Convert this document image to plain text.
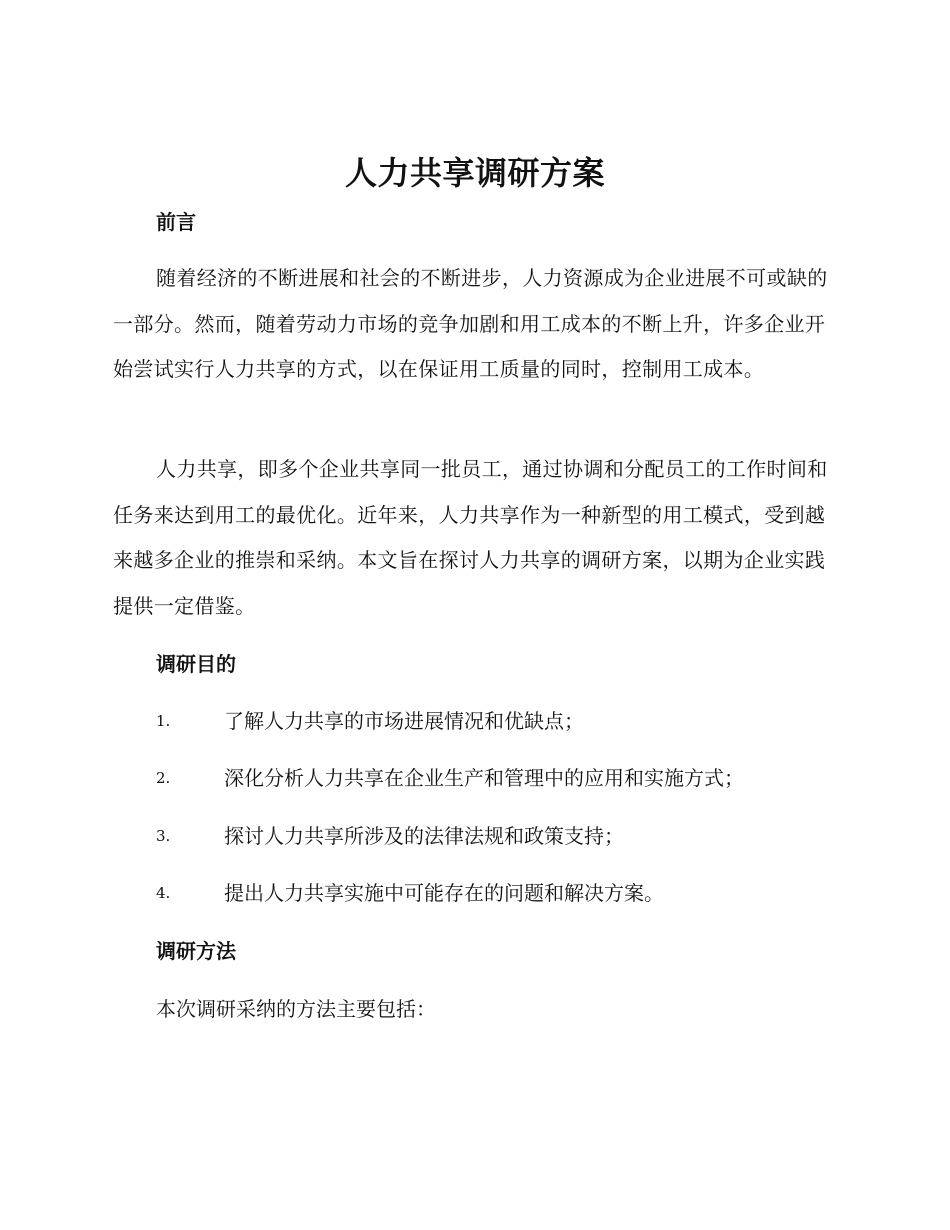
人力共享调研方案
前言
随着经济的不断进展和社会的不断进步，人力资源成为企业进展不可或缺的一部分。然而，随着劳动力市场的竞争加剧和用工成本的不断上升，许多企业开始尝试实行人力共享的方式，以在保证用工质量的同时，控制用工成本。
人力共享，即多个企业共享同一批员工，通过协调和分配员工的工作时间和任务来达到用工的最优化。近年来，人力共享作为一种新型的用工模式，受到越来越多企业的推崇和采纳。本文旨在探讨人力共享的调研方案，以期为企业实践提供一定借鉴。
调研目的
1.	了解人力共享的市场进展情况和优缺点；
2.	深化分析人力共享在企业生产和管理中的应用和实施方式；
3.	探讨人力共享所涉及的法律法规和政策支持；
4.	提出人力共享实施中可能存在的问题和解决方案。
调研方法
本次调研采纳的方法主要包括：
